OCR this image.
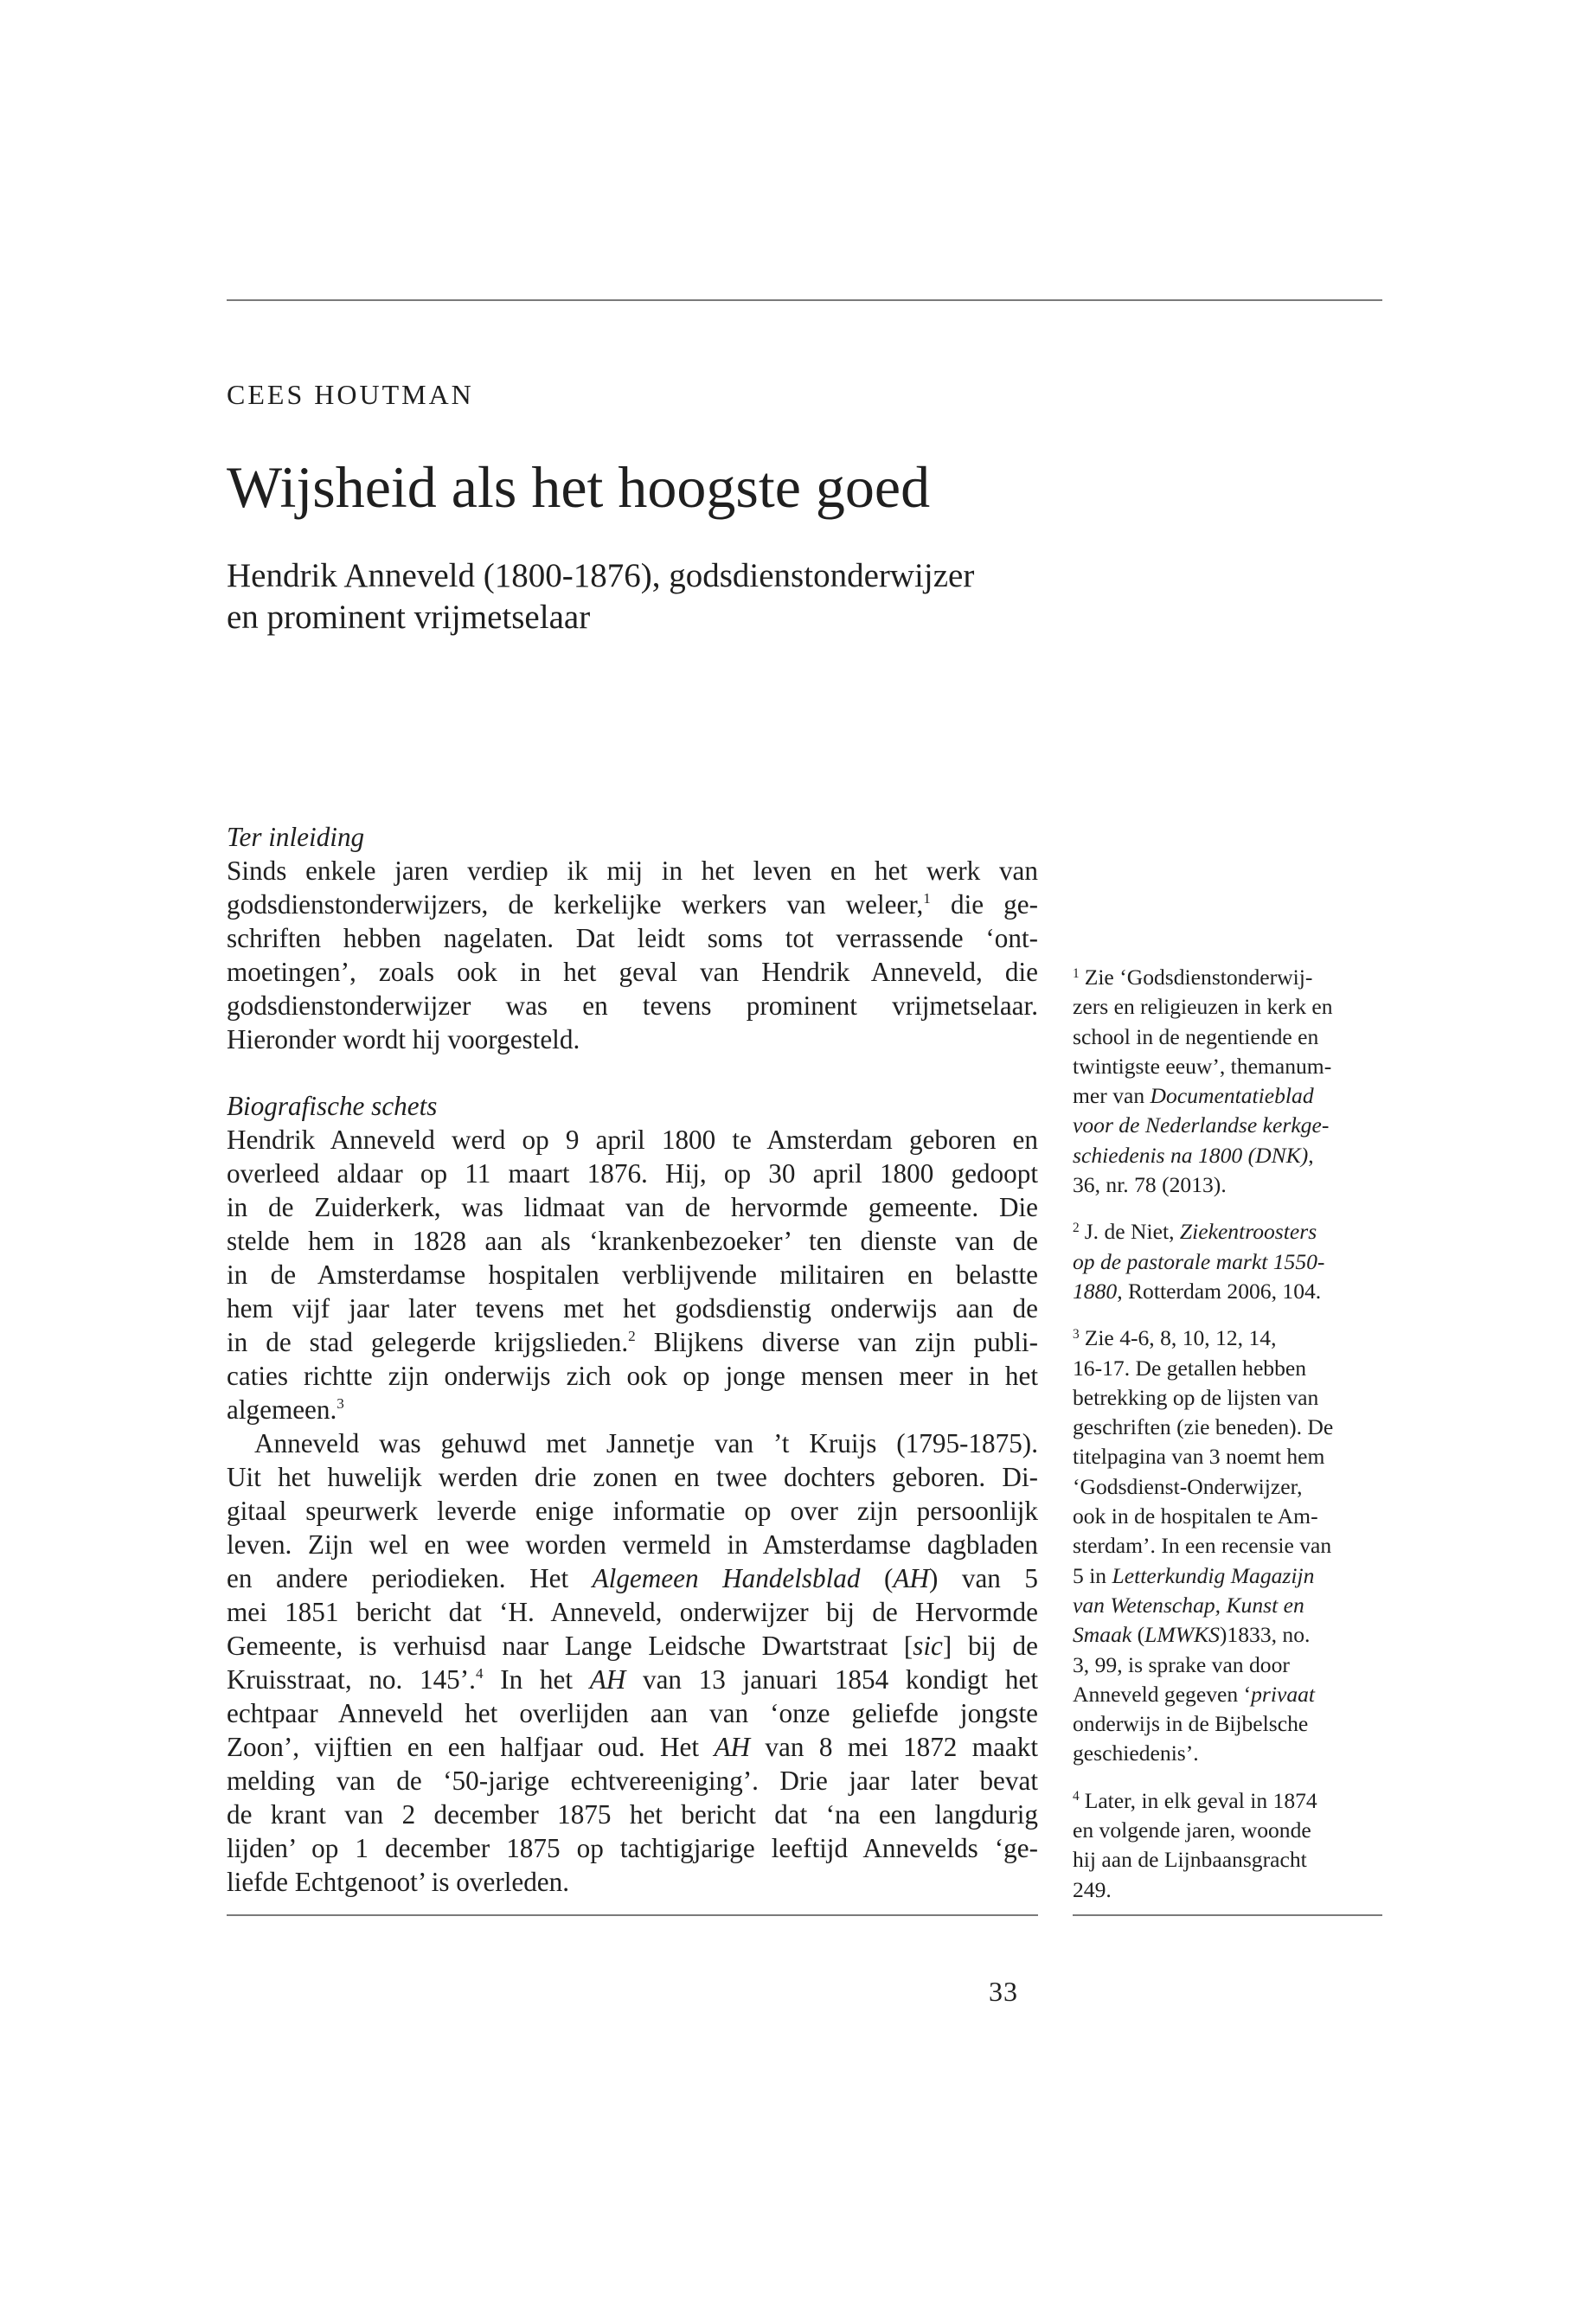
CEES HOUTMAN
Wijsheid als het hoogste goed
Hendrik Anneveld (1800-1876), godsdienstonderwijzer
en prominent vrijmetselaar
Ter inleiding
Sinds enkele jaren verdiep ik mij in het leven en het werk van
godsdienstonderwijzers, de kerkelijke werkers van weleer,$^1$ die ge-
schriften hebben nagelaten. Dat leidt soms tot verrassende ‘ont-
moetingen’, zoals ook in het geval van Hendrik Anneveld, die
godsdienstonderwijzer was en tevens prominent vrijmetselaar.
Hieronder wordt hij voorgesteld.
Biografische schets
Hendrik Anneveld werd op 9 april 1800 te Amsterdam geboren en
overleed aldaar op 11 maart 1876. Hij, op 30 april 1800 gedoopt
in de Zuiderkerk, was lidmaat van de hervormde gemeente. Die
stelde hem in 1828 aan als ‘krankenbezoeker’ ten dienste van de
in de Amsterdamse hospitalen verblijvende militairen en belastte
hem vijf jaar later tevens met het godsdienstig onderwijs aan de
in de stad gelegerde krijgslieden.$^2$ Blijkens diverse van zijn publi-
caties richtte zijn onderwijs zich ook op jonge mensen meer in het
algemeen.$^3$
Anneveld was gehuwd met Jannetje van ’t Kruijs (1795-1875).
Uit het huwelijk werden drie zonen en twee dochters geboren. Di-
gitaal speurwerk leverde enige informatie op over zijn persoonlijk
leven. Zijn wel en wee worden vermeld in Amsterdamse dagbladen
en andere periodieken. Het Algemeen Handelsblad (AH) van 5
mei 1851 bericht dat ‘H. Anneveld, onderwijzer bij de Hervormde
Gemeente, is verhuisd naar Lange Leidsche Dwartstraat [sic] bij de
Kruisstraat, no. 145’.$^4$ In het AH van 13 januari 1854 kondigt het
echtpaar Anneveld het overlijden aan van ‘onze geliefde jongste
Zoon’, vijftien en een halfjaar oud. Het AH van 8 mei 1872 maakt
melding van de ‘50-jarige echtvereeniging’. Drie jaar later bevat
de krant van 2 december 1875 het bericht dat ‘na een langdurig
lijden’ op 1 december 1875 op tachtigjarige leeftijd Annevelds ‘ge-
liefde Echtgenoot’ is overleden.
$^1$ Zie ‘Godsdienstonderwij-
zers en religieuzen in kerk en
school in de negentiende en
twintigste eeuw’, themanum-
mer van Documentatieblad
voor de Nederlandse kerkge-
schiedenis na 1800 (DNK),
36, nr. 78 (2013).
$^2$ J. de Niet, Ziekentroosters
op de pastorale markt 1550-
1880, Rotterdam 2006, 104.
$^3$ Zie 4-6, 8, 10, 12, 14,
16-17. De getallen hebben
betrekking op de lijsten van
geschriften (zie beneden). De
titelpagina van 3 noemt hem
‘Godsdienst-Onderwijzer,
ook in de hospitalen te Am-
sterdam’. In een recensie van
5 in Letterkundig Magazijn
van Wetenschap, Kunst en
Smaak (LMWKS)1833, no.
3, 99, is sprake van door
Anneveld gegeven ‘privaat
onderwijs in de Bijbelsche
geschiedenis’.
$^4$ Later, in elk geval in 1874
en volgende jaren, woonde
hij aan de Lijnbaansgracht
249.
33
